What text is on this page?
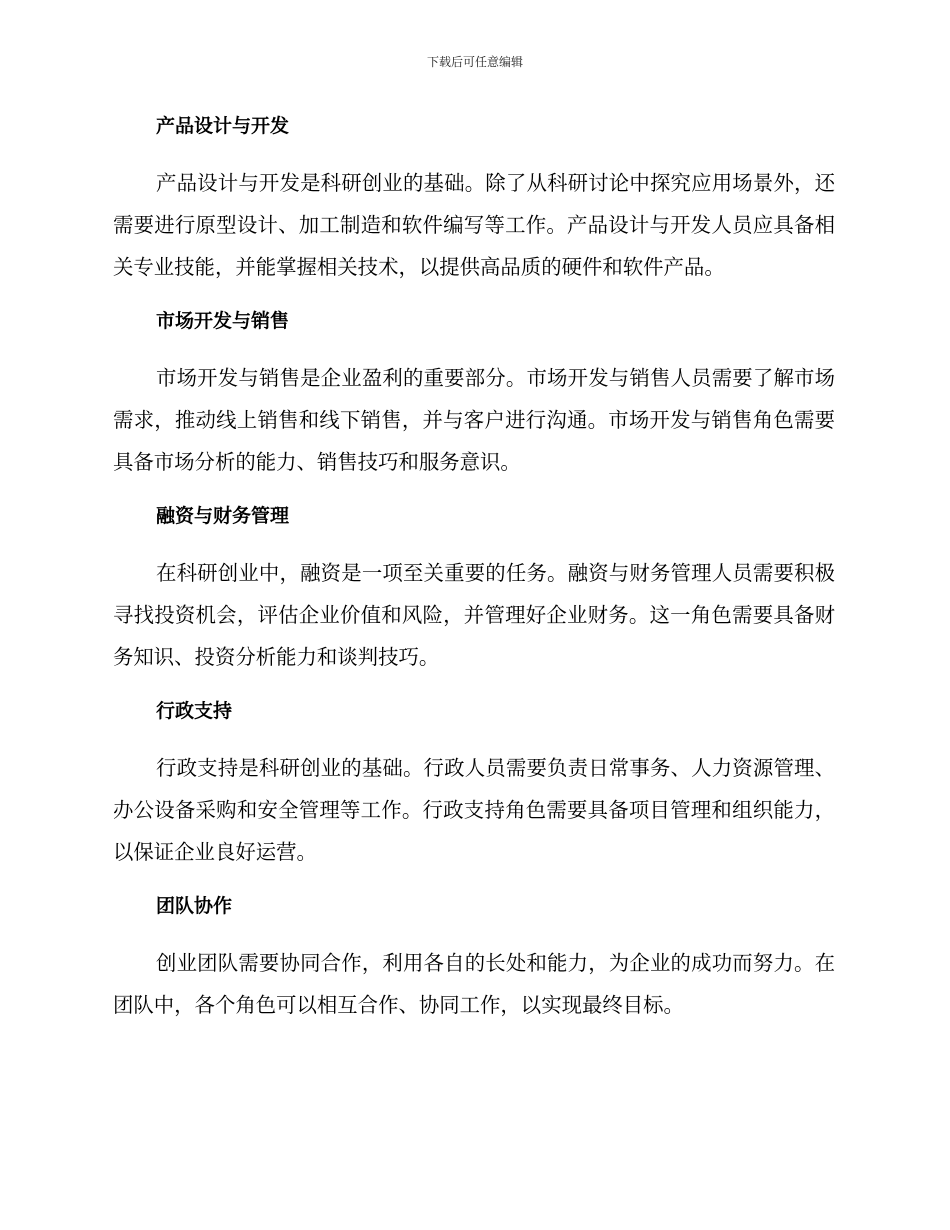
下载后可任意编辑
产品设计与开发

产品设计与开发是科研创业的基础。除了从科研讨论中探究应用场景外，还需要进行原型设计、加工制造和软件编写等工作。产品设计与开发人员应具备相关专业技能，并能掌握相关技术，以提供高品质的硬件和软件产品。

市场开发与销售

市场开发与销售是企业盈利的重要部分。市场开发与销售人员需要了解市场需求，推动线上销售和线下销售，并与客户进行沟通。市场开发与销售角色需要具备市场分析的能力、销售技巧和服务意识。

融资与财务管理

在科研创业中，融资是一项至关重要的任务。融资与财务管理人员需要积极寻找投资机会，评估企业价值和风险，并管理好企业财务。这一角色需要具备财务知识、投资分析能力和谈判技巧。

行政支持

行政支持是科研创业的基础。行政人员需要负责日常事务、人力资源管理、办公设备采购和安全管理等工作。行政支持角色需要具备项目管理和组织能力，以保证企业良好运营。

团队协作

创业团队需要协同合作，利用各自的长处和能力，为企业的成功而努力。在团队中，各个角色可以相互合作、协同工作，以实现最终目标。
